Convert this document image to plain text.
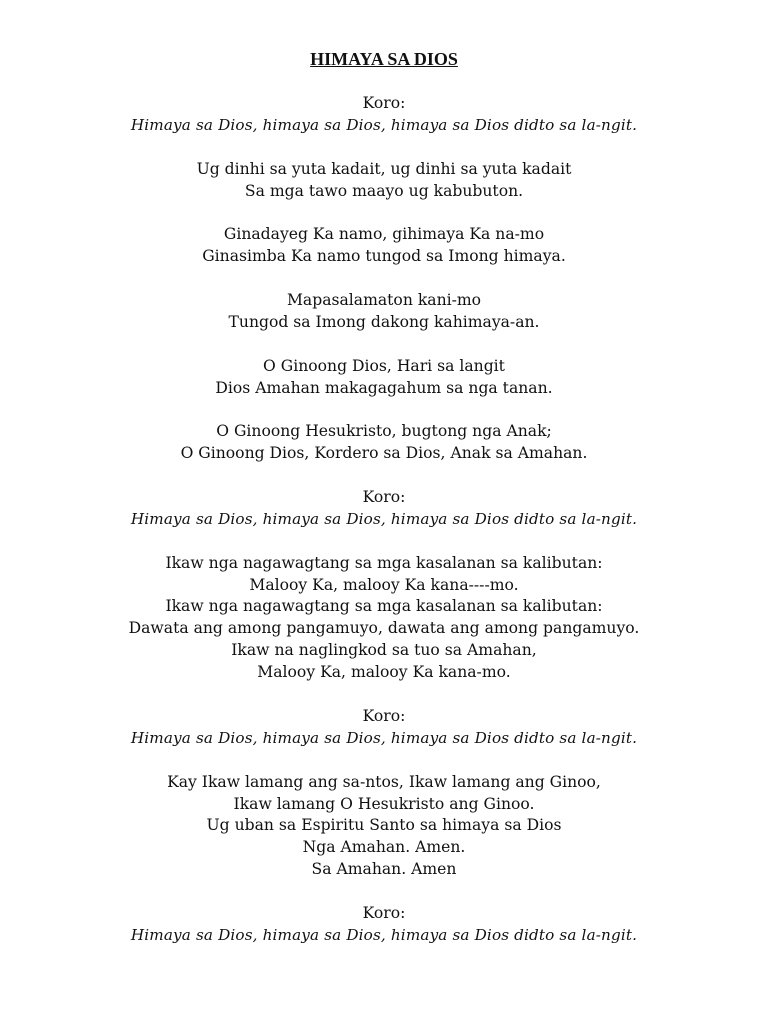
HIMAYA SA DIOS
Koro:
Himaya sa Dios, himaya sa Dios, himaya sa Dios didto sa la-ngit.
Ug dinhi sa yuta kadait, ug dinhi sa yuta kadait
Sa mga tawo maayo ug kabubuton.
Ginadayeg Ka namo, gihimaya Ka na-mo
Ginasimba Ka namo tungod sa Imong himaya.
Mapasalamaton kani-mo
Tungod sa Imong dakong kahimaya-an.
O Ginoong Dios, Hari sa langit
Dios Amahan makagagahum sa nga tanan.
O Ginoong Hesukristo, bugtong nga Anak;
O Ginoong Dios, Kordero sa Dios, Anak sa Amahan.
Koro:
Himaya sa Dios, himaya sa Dios, himaya sa Dios didto sa la-ngit.
Ikaw nga nagawagtang sa mga kasalanan sa kalibutan:
Malooy Ka, malooy Ka kana----mo.
Ikaw nga nagawagtang sa mga kasalanan sa kalibutan:
Dawata ang among pangamuyo, dawata ang among pangamuyo.
Ikaw na naglingkod sa tuo sa Amahan,
Malooy Ka, malooy Ka kana-mo.
Koro:
Himaya sa Dios, himaya sa Dios, himaya sa Dios didto sa la-ngit.
Kay Ikaw lamang ang sa-ntos, Ikaw lamang ang Ginoo,
Ikaw lamang O Hesukristo ang Ginoo.
Ug uban sa Espiritu Santo sa himaya sa Dios
Nga Amahan. Amen.
Sa Amahan. Amen
Koro:
Himaya sa Dios, himaya sa Dios, himaya sa Dios didto sa la-ngit.
